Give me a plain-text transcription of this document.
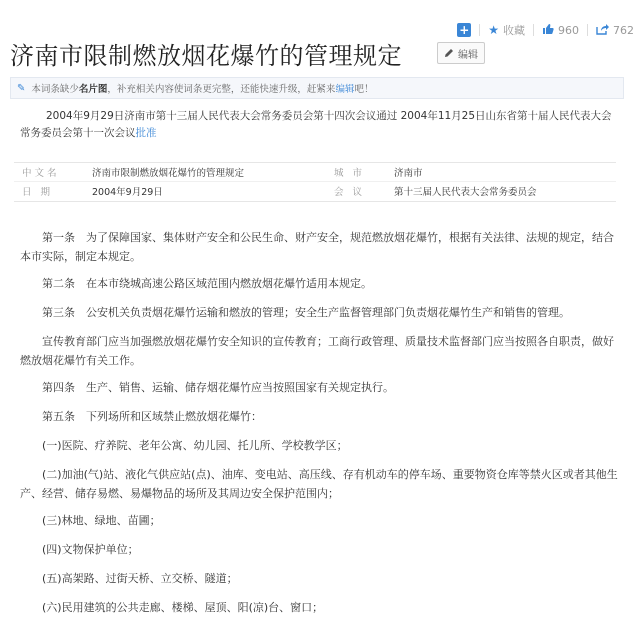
+ ★ 收藏	960	762
济南市限制燃放烟花爆竹的管理规定	编辑
✎ 本词条缺少 名片图 ，补充相关内容使词条更完整，还能快速升级，赶紧来 编辑 吧！
2004年9月29日济南市第十三届人民代表大会常务委员会第十四次会议通过 2004年11月25日山东省第十届人民代表大会常务委员会第十一次会议批准
中文名	济南市限制燃放烟花爆竹的管理规定	城 市	济南市
日 期	2004年9月29日	会 议	第十三届人民代表大会常务委员会
第一条　为了保障国家、集体财产安全和公民生命、财产安全，规范燃放烟花爆竹，根据有关法律、法规的规定，结合本市实际，制定本规定。
第二条　在本市绕城高速公路区域范围内燃放烟花爆竹适用本规定。
第三条　公安机关负责烟花爆竹运输和燃放的管理；安全生产监督管理部门负责烟花爆竹生产和销售的管理。
宣传教育部门应当加强燃放烟花爆竹安全知识的宣传教育；工商行政管理、质量技术监督部门应当按照各自职责，做好燃放烟花爆竹有关工作。
第四条　生产、销售、运输、储存烟花爆竹应当按照国家有关规定执行。
第五条　下列场所和区域禁止燃放烟花爆竹：
(一)医院、疗养院、老年公寓、幼儿园、托儿所、学校教学区；
(二)加油(气)站、液化气供应站(点)、油库、变电站、高压线、存有机动车的停车场、重要物资仓库等禁火区或者其他生产、经营、储存易燃、易爆物品的场所及其周边安全保护范围内；
(三)林地、绿地、苗圃；
(四)文物保护单位；
(五)高架路、过街天桥、立交桥、隧道；
(六)民用建筑的公共走廊、楼梯、屋顶、阳(凉)台、窗口；
